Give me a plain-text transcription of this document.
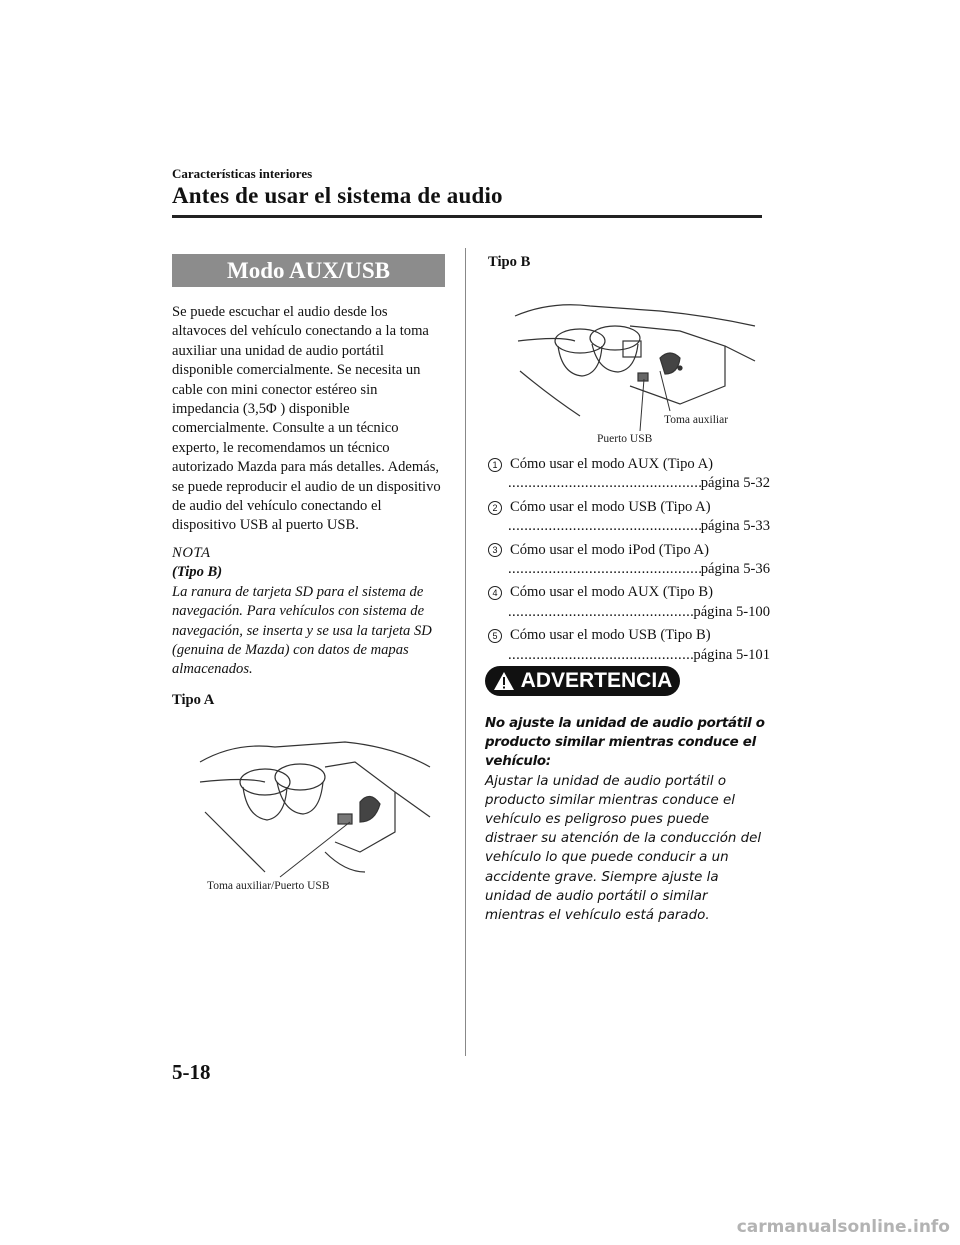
Características interiores
Antes de usar el sistema de audio
Modo AUX/USB

Se puede escuchar el audio desde los altavoces del vehículo conectando a la toma auxiliar una unidad de audio portátil disponible comercialmente. Se necesita un cable con mini conector estéreo sin impedancia (3,5Φ ) disponible comercialmente. Consulte a un técnico experto, le recomendamos un técnico autorizado Mazda para más detalles. Además, se puede reproducir el audio de un dispositivo de audio del vehículo conectando el dispositivo USB al puerto USB.

NOTA
(Tipo B)
La ranura de tarjeta SD para el sistema de navegación. Para vehículos con sistema de navegación, se inserta y se usa la tarjeta SD (genuina de Mazda) con datos de mapas almacenados.
Tipo A
Toma auxiliar/Puerto USB
Tipo B
Toma auxiliar
Puerto USB
1 Cómo usar el modo AUX (Tipo A)
.....
página 5-32
2 Cómo usar el modo USB (Tipo A)
.....
página 5-33
3 Cómo usar el modo iPod (Tipo A)
.....
página 5-36
4 Cómo usar el modo AUX (Tipo B)
.....
página 5-100
5 Cómo usar el modo USB (Tipo B)
.....
página 5-101
ADVERTENCIA
No ajuste la unidad de audio portátil o producto similar mientras conduce el vehículo:
Ajustar la unidad de audio portátil o producto similar mientras conduce el vehículo es peligroso pues puede distraer su atención de la conducción del vehículo lo que puede conducir a un accidente grave. Siempre ajuste la unidad de audio portátil o similar mientras el vehículo está parado.
5-18
carmanualsonline.info
